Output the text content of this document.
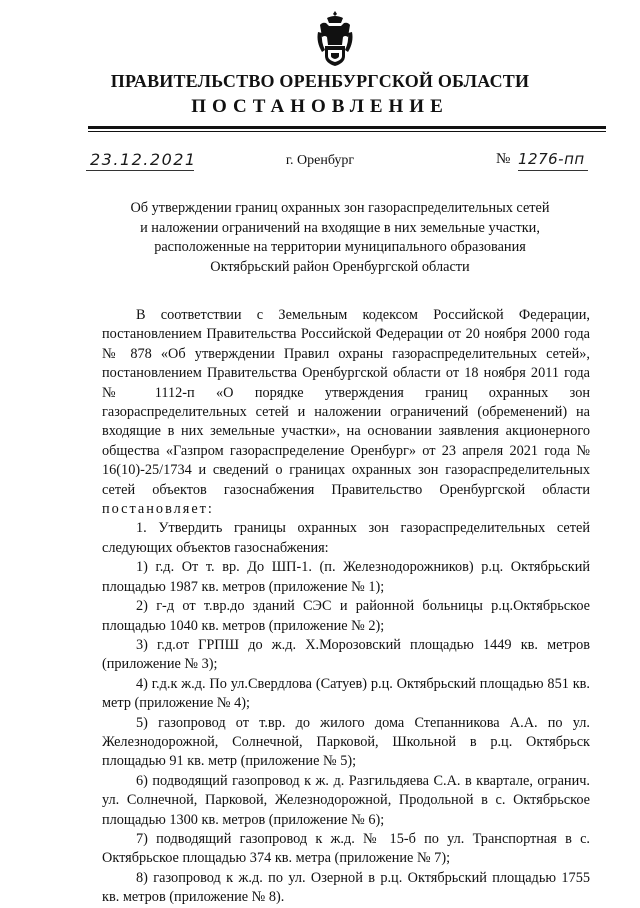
ПРАВИТЕЛЬСТВО ОРЕНБУРГСКОЙ ОБЛАСТИ
ПОСТАНОВЛЕНИЕ
23.12.2021	г. Оренбург	№ 1276-пп
Об утверждении границ охранных зон газораспределительных сетей
и наложении ограничений на входящие в них земельные участки,
расположенные на территории муниципального образования
Октябрьский район Оренбургской области

В соответствии с Земельным кодексом Российской Федерации, постановлением Правительства Российской Федерации от 20 ноября 2000 года № 878 «Об утверждении Правил охраны газораспределительных сетей», постановлением Правительства Оренбургской области от 18 ноября 2011 года № 1112-п «О порядке утверждения границ охранных зон газораспределительных сетей и наложении ограничений (обременений) на входящие в них земельные участки», на основании заявления акционерного общества «Газпром газораспределение Оренбург» от 23 апреля 2021 года № 16(10)-25/1734 и сведений о границах охранных зон газораспределительных сетей объектов газоснабжения Правительство Оренбургской области постановляет:

1. Утвердить границы охранных зон газораспределительных сетей следующих объектов газоснабжения:

1) г.д. От т. вр. До ШП-1. (п. Железнодорожников) р.ц. Октябрьский площадью 1987 кв. метров (приложение № 1);
2) г-д от т.вр.до зданий СЭС и районной больницы р.ц.Октябрьское площадью 1040 кв. метров (приложение № 2);
3) г.д.от ГРПШ до ж.д. Х.Морозовский площадью 1449 кв. метров (приложение № 3);
4) г.д.к ж.д. По ул.Свердлова (Сатуев) р.ц. Октябрьский площадью 851 кв. метр (приложение № 4);
5) газопровод от т.вр. до жилого дома Степанникова А.А. по ул. Железнодорожной, Солнечной, Парковой, Школьной в р.ц. Октябрьск площадью 91 кв. метр (приложение № 5);
6) подводящий газопровод к ж. д. Разгильдяева С.А. в квартале, огранич. ул. Солнечной, Парковой, Железнодорожной, Продольной в с. Октябрьское площадью 1300 кв. метров (приложение № 6);
7) подводящий газопровод к ж.д. № 15-б по ул. Транспортная в с. Октябрьское площадью 374 кв. метра (приложение № 7);
8) газопровод к ж.д. по ул. Озерной в р.ц. Октябрьский площадью 1755 кв. метров (приложение № 8).
